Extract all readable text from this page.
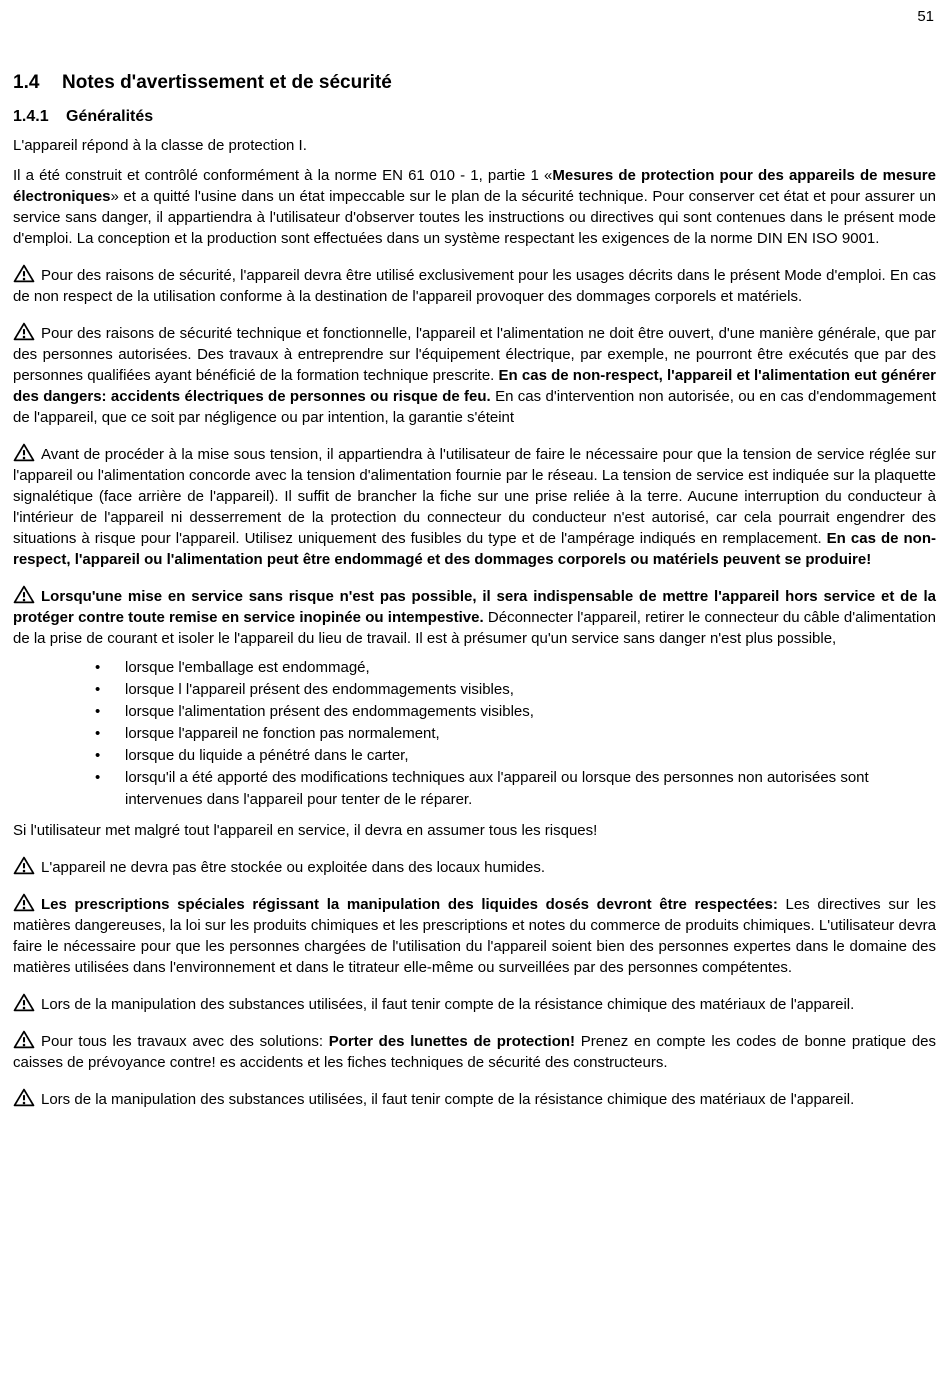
51
1.4 Notes d'avertissement et de sécurité
1.4.1 Généralités

L'appareil répond à la classe de protection I.

Il a été construit et contrôlé conformément à la norme EN 61 010 - 1, partie 1 «Mesures de protection pour des appareils de mesure électroniques» et a quitté l'usine dans un état impeccable sur le plan de la sécurité technique. Pour conserver cet état et pour assurer un service sans danger, il appartiendra à l'utilisateur d'observer toutes les instructions ou directives qui sont contenues dans le présent mode d'emploi. La conception et la production sont effectuées dans un système respectant les exigences de la norme DIN EN ISO 9001.

Pour des raisons de sécurité, l'appareil devra être utilisé exclusivement pour les usages décrits dans le présent Mode d'emploi. En cas de non respect de la utilisation conforme à la destination de l'appareil provoquer des dommages corporels et matériels.

Pour des raisons de sécurité technique et fonctionnelle, l'appareil et l'alimentation ne doit être ouvert, d'une manière générale, que par des personnes autorisées. Des travaux à entreprendre sur l'équipement électrique, par exemple, ne pourront être exécutés que par des personnes qualifiées ayant bénéficié de la formation technique prescrite. En cas de non-respect, l'appareil et l'alimentation eut générer des dangers: accidents électriques de personnes ou risque de feu. En cas d'intervention non autorisée, ou en cas d'endommagement de l'appareil, que ce soit par négligence ou par intention, la garantie s'éteint

Avant de procéder à la mise sous tension, il appartiendra à l'utilisateur de faire le nécessaire pour que la tension de service réglée sur l'appareil ou l'alimentation concorde avec la tension d'alimentation fournie par le réseau. La tension de service est indiquée sur la plaquette signalétique (face arrière de l'appareil). Il suffit de brancher la fiche sur une prise reliée à la terre. Aucune interruption du conducteur à l'intérieur de l'appareil ni desserrement de la protection du connecteur du conducteur n'est autorisé, car cela pourrait engendrer des situations à risque pour l'appareil. Utilisez uniquement des fusibles du type et de l'ampérage indiqués en remplacement. En cas de non-respect, l'appareil ou l'alimentation peut être endommagé et des dommages corporels ou matériels peuvent se produire!

Lorsqu'une mise en service sans risque n'est pas possible, il sera indispensable de mettre l'appareil hors service et de la protéger contre toute remise en service inopinée ou intempestive. Déconnecter l'appareil, retirer le connecteur du câble d'alimentation de la prise de courant et isoler le l'appareil du lieu de travail. Il est à présumer qu'un service sans danger n'est plus possible,

• lorsque l'emballage est endommagé,
• lorsque l l'appareil présent des endommagements visibles,
• lorsque l'alimentation présent des endommagements visibles,
• lorsque l'appareil ne fonction pas normalement,
• lorsque du liquide a pénétré dans le carter,
• lorsqu'il a été apporté des modifications techniques aux l'appareil ou lorsque des personnes non autorisées sont intervenues dans l'appareil pour tenter de le réparer.

Si l'utilisateur met malgré tout l'appareil en service, il devra en assumer tous les risques!

L'appareil ne devra pas être stockée ou exploitée dans des locaux humides.

Les prescriptions spéciales régissant la manipulation des liquides dosés devront être respectées: Les directives sur les matières dangereuses, la loi sur les produits chimiques et les prescriptions et notes du commerce de produits chimiques. L'utilisateur devra faire le nécessaire pour que les personnes chargées de l'utilisation du l'appareil soient bien des personnes expertes dans le domaine des matières utilisées dans l'environnement et dans le titrateur elle-même ou surveillées par des personnes compétentes.

Lors de la manipulation des substances utilisées, il faut tenir compte de la résistance chimique des matériaux de l'appareil.

Pour tous les travaux avec des solutions: Porter des lunettes de protection! Prenez en compte les codes de bonne pratique des caisses de prévoyance contre! es accidents et les fiches techniques de sécurité des constructeurs.

Lors de la manipulation des substances utilisées, il faut tenir compte de la résistance chimique des matériaux de l'appareil.
